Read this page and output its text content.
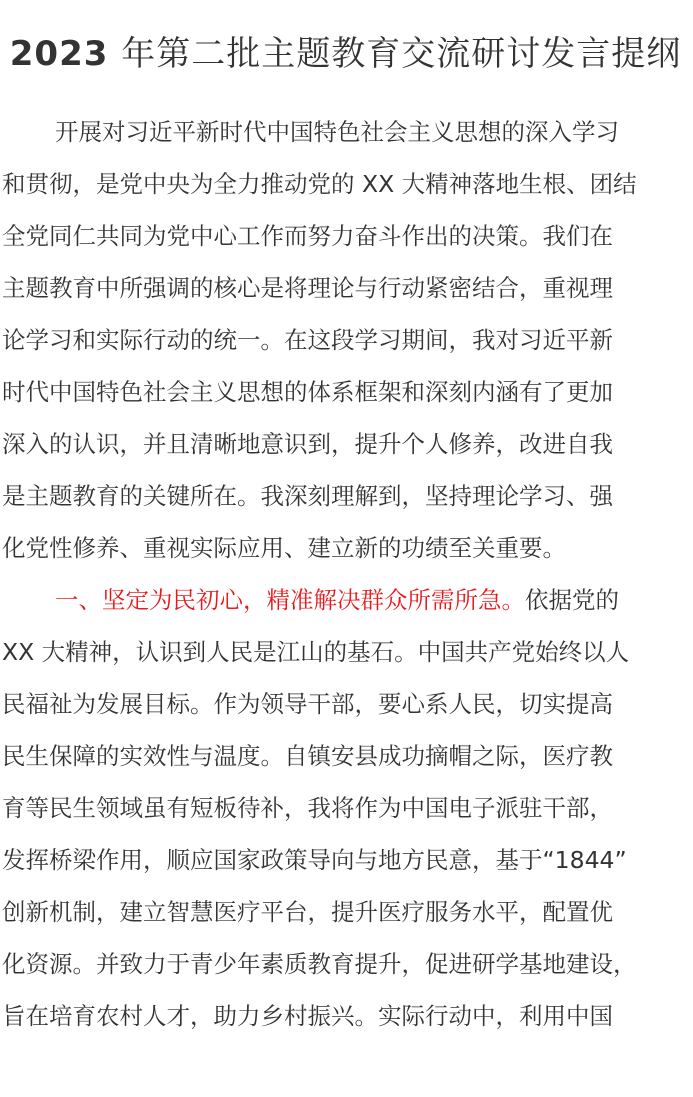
2023 年第二批主题教育交流研讨发言提纲
开展对习近平新时代中国特色社会主义思想的深入学习
和贯彻，是党中央为全力推动党的 XX 大精神落地生根、团结
全党同仁共同为党中心工作而努力奋斗作出的决策。我们在
主题教育中所强调的核心是将理论与行动紧密结合，重视理
论学习和实际行动的统一。在这段学习期间，我对习近平新
时代中国特色社会主义思想的体系框架和深刻内涵有了更加
深入的认识，并且清晰地意识到，提升个人修养，改进自我
是主题教育的关键所在。我深刻理解到，坚持理论学习、强
化党性修养、重视实际应用、建立新的功绩至关重要。
一、坚定为民初心，精准解决群众所需所急。依据党的
XX 大精神，认识到人民是江山的基石。中国共产党始终以人
民福祉为发展目标。作为领导干部，要心系人民，切实提高
民生保障的实效性与温度。自镇安县成功摘帽之际，医疗教
育等民生领域虽有短板待补，我将作为中国电子派驻干部，
发挥桥梁作用，顺应国家政策导向与地方民意，基于“1844”
创新机制，建立智慧医疗平台，提升医疗服务水平，配置优
化资源。并致力于青少年素质教育提升，促进研学基地建设，
旨在培育农村人才，助力乡村振兴。实际行动中，利用中国
